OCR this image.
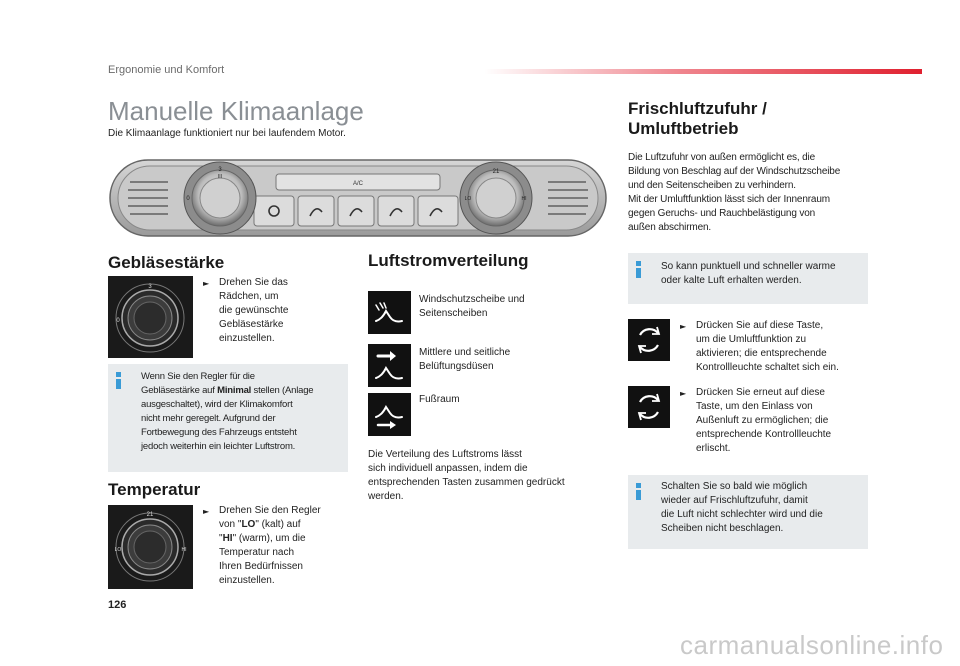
Ergonomie und Komfort
Manuelle Klimaanlage
Die Klimaanlage funktioniert nur bei laufendem Motor.
A/C
3
III
0
21
LO	HI
Gebläsestärke
3
0
► Drehen Sie das
Rädchen, um
die gewünschte
Gebläsestärke
einzustellen.
Wenn Sie den Regler für die
Gebläsestärke auf Minimal stellen (Anlage
ausgeschaltet), wird der Klimakomfort
nicht mehr geregelt. Aufgrund der
Fortbewegung des Fahrzeugs entsteht
jedoch weiterhin ein leichter Luftstrom.
Temperatur
21
LO	HI
► Drehen Sie den Regler
von "LO" (kalt) auf
"HI" (warm), um die
Temperatur nach
Ihren Bedürfnissen
einzustellen.
Luftstromverteilung
Windschutzscheibe und
Seitenscheiben
Mittlere und seitliche
Belüftungsdüsen
Fußraum
Die Verteilung des Luftstroms lässt
sich individuell anpassen, indem die
entsprechenden Tasten zusammen gedrückt
werden.
Frischluftzufuhr /
Umluftbetrieb
Die Luftzufuhr von außen ermöglicht es, die
Bildung von Beschlag auf der Windschutzscheibe
und den Seitenscheiben zu verhindern.
Mit der Umluftfunktion lässt sich der Innenraum
gegen Geruchs- und Rauchbelästigung von
außen abschirmen.
So kann punktuell und schneller warme
oder kalte Luft erhalten werden.
► Drücken Sie auf diese Taste,
um die Umluftfunktion zu
aktivieren; die entsprechende
Kontrollleuchte schaltet sich ein.
► Drücken Sie erneut auf diese
Taste, um den Einlass von
Außenluft zu ermöglichen; die
entsprechende Kontrollleuchte
erlischt.
Schalten Sie so bald wie möglich
wieder auf Frischluftzufuhr, damit
die Luft nicht schlechter wird und die
Scheiben nicht beschlagen.
126
carmanualsonline.info
